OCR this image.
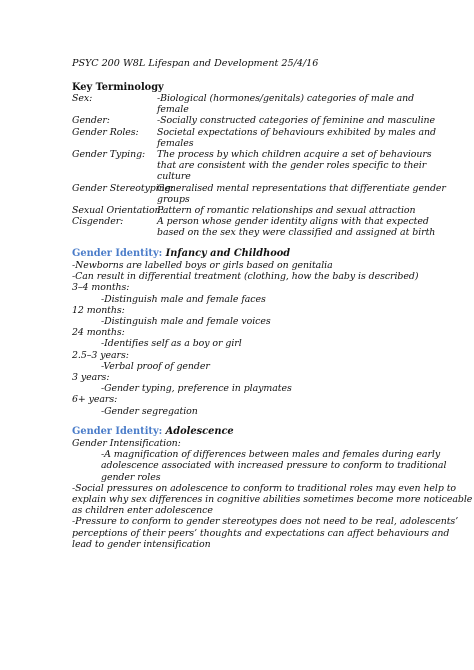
PSYC 200 W8L Lifespan and Development 25/4/16
Key Terminology
Sex:	-Biological (hormones/genitals) categories of male and
female
Gender:	-Socially constructed categories of feminine and masculine
Gender Roles: Societal expectations of behaviours exhibited by males and
females
Gender Typing: The process by which children acquire a set of behaviours
that are consistent with the gender roles specific to their
culture
Gender Stereotyping:
Generalised mental representations that differentiate gender
groups
Sexual Orientation:
Pattern of romantic relationships and sexual attraction
Cisgender:	A person whose gender identity aligns with that expected
based on the sex they were classified and assigned at birth
Gender Identity: Infancy and Childhood
-Newborns are labelled boys or girls based on genitalia
-Can result in differential treatment (clothing, how the baby is described)
3–4 months:
-Distinguish male and female faces
12 months:
-Distinguish male and female voices
24 months:
-Identifies self as a boy or girl
2.5–3 years:
-Verbal proof of gender
3 years:
-Gender typing, preference in playmates
6+ years:
-Gender segregation
Gender Identity: Adolescence
Gender Intensification:
-A magnification of differences between males and females during early
adolescence associated with increased pressure to conform to traditional
gender roles
-Social pressures on adolescence to conform to traditional roles may even help to
explain why sex differences in cognitive abilities sometimes become more noticeable
as children enter adolescence
-Pressure to conform to gender stereotypes does not need to be real, adolescents’
perceptions of their peers’ thoughts and expectations can affect behaviours and
lead to gender intensification
